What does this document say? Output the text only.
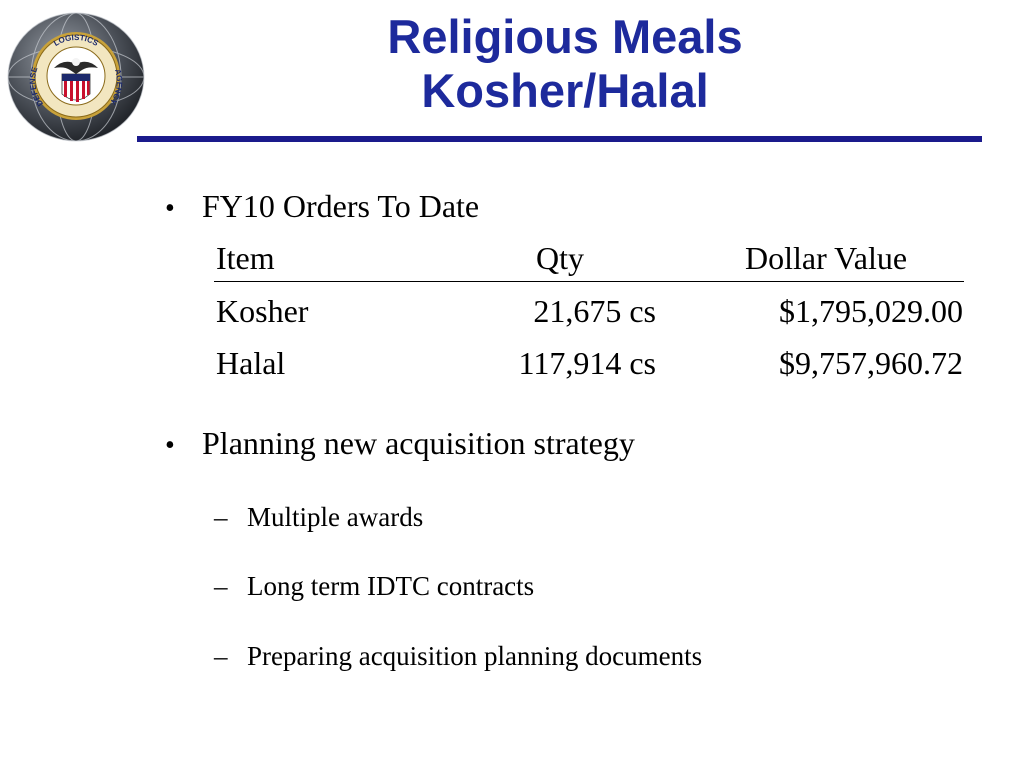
LOGISTICS
DEFENSE	AGENCY
Religious Meals
Kosher/Halal
• FY10 Orders To Date
Item	Qty	Dollar Value
Kosher	21,675 cs	$1,795,029.00
Halal	117,914 cs	$9,757,960.72
• Planning new acquisition strategy
– Multiple awards
– Long term IDTC contracts
– Preparing acquisition planning documents
